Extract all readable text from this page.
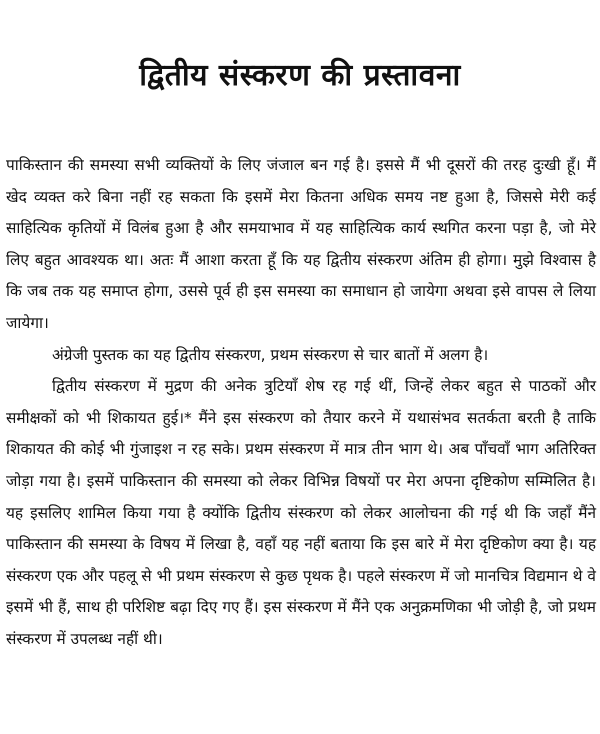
द्वितीय संस्करण की प्रस्तावना

पाकिस्तान की समस्या सभी व्यक्तियों के लिए जंजाल बन गई है। इससे मैं भी दूसरों की तरह दुःखी हूँ। मैं खेद व्यक्त करे बिना नहीं रह सकता कि इसमें मेरा कितना अधिक समय नष्ट हुआ है, जिससे मेरी कई साहित्यिक कृतियों में विलंब हुआ है और समयाभाव में यह साहित्यिक कार्य स्थगित करना पड़ा है, जो मेरे लिए बहुत आवश्यक था। अतः मैं आशा करता हूँ कि यह द्वितीय संस्करण अंतिम ही होगा। मुझे विश्वास है कि जब तक यह समाप्त होगा, उससे पूर्व ही इस समस्या का समाधान हो जायेगा अथवा इसे वापस ले लिया जायेगा।

अंग्रेजी पुस्तक का यह द्वितीय संस्करण, प्रथम संस्करण से चार बातों में अलग है।

द्वितीय संस्करण में मुद्रण की अनेक त्रुटियाँ शेष रह गई थीं, जिन्हें लेकर बहुत से पाठकों और समीक्षकों को भी शिकायत हुई।* मैंने इस संस्करण को तैयार करने में यथासंभव सतर्कता बरती है ताकि शिकायत की कोई भी गुंजाइश न रह सके। प्रथम संस्करण में मात्र तीन भाग थे। अब पाँचवाँ भाग अतिरिक्त जोड़ा गया है। इसमें पाकिस्तान की समस्या को लेकर विभिन्न विषयों पर मेरा अपना दृष्टिकोण सम्मिलित है। यह इसलिए शामिल किया गया है क्योंकि द्वितीय संस्करण को लेकर आलोचना की गई थी कि जहाँ मैंने पाकिस्तान की समस्या के विषय में लिखा है, वहाँ यह नहीं बताया कि इस बारे में मेरा दृष्टिकोण क्या है। यह संस्करण एक और पहलू से भी प्रथम संस्करण से कुछ पृथक है। पहले संस्करण में जो मानचित्र विद्यमान थे वे इसमें भी हैं, साथ ही परिशिष्ट बढ़ा दिए गए हैं। इस संस्करण में मैंने एक अनुक्रमणिका भी जोड़ी है, जो प्रथम संस्करण में उपलब्ध नहीं थी।
